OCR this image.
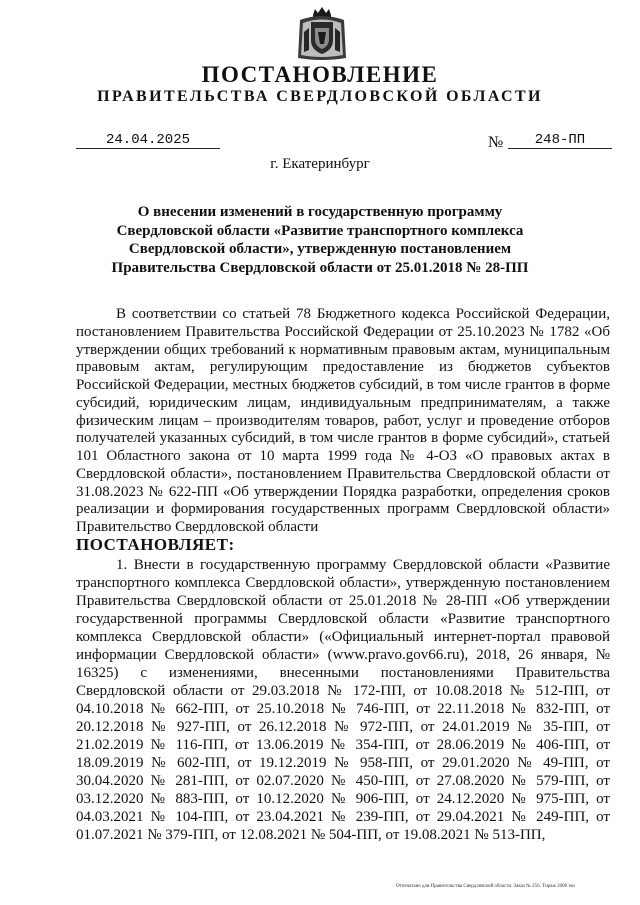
ПОСТАНОВЛЕНИЕ
ПРАВИТЕЛЬСТВА СВЕРДЛОВСКОЙ ОБЛАСТИ
24.04.2025	№	248-ПП
г. Екатеринбург
О внесении изменений в государственную программу Свердловской области «Развитие транспортного комплекса Свердловской области», утвержденную постановлением Правительства Свердловской области от 25.01.2018 № 28-ПП

В соответствии со статьей 78 Бюджетного кодекса Российской Федерации, постановлением Правительства Российской Федерации от 25.10.2023 № 1782 «Об утверждении общих требований к нормативным правовым актам, муниципальным правовым актам, регулирующим предоставление из бюджетов субъектов Российской Федерации, местных бюджетов субсидий, в том числе грантов в форме субсидий, юридическим лицам, индивидуальным предпринимателям, а также физическим лицам – производителям товаров, работ, услуг и проведение отборов получателей указанных субсидий, в том числе грантов в форме субсидий», статьей 101 Областного закона от 10 марта 1999 года № 4-ОЗ «О правовых актах в Свердловской области», постановлением Правительства Свердловской области от 31.08.2023 № 622-ПП «Об утверждении Порядка разработки, определения сроков реализации и формирования государственных программ Свердловской области» Правительство Свердловской области

ПОСТАНОВЛЯЕТ:

1. Внести в государственную программу Свердловской области «Развитие транспортного комплекса Свердловской области», утвержденную постановлением Правительства Свердловской области от 25.01.2018 № 28-ПП «Об утверждении государственной программы Свердловской области «Развитие транспортного комплекса Свердловской области» («Официальный интернет-портал правовой информации Свердловской области» (www.pravo.gov66.ru), 2018, 26 января, № 16325) с изменениями, внесенными постановлениями Правительства Свердловской области от 29.03.2018 № 172-ПП, от 10.08.2018 № 512-ПП, от 04.10.2018 № 662-ПП, от 25.10.2018 № 746-ПП, от 22.11.2018 № 832-ПП, от 20.12.2018 № 927-ПП, от 26.12.2018 № 972-ПП, от 24.01.2019 № 35-ПП, от 21.02.2019 № 116-ПП, от 13.06.2019 № 354-ПП, от 28.06.2019 № 406-ПП, от 18.09.2019 № 602-ПП, от 19.12.2019 № 958-ПП, от 29.01.2020 № 49-ПП, от 30.04.2020 № 281-ПП, от 02.07.2020 № 450-ПП, от 27.08.2020 № 579-ПП, от 03.12.2020 № 883-ПП, от 10.12.2020 № 906-ПП, от 24.12.2020 № 975-ПП, от 04.03.2021 № 104-ПП, от 23.04.2021 № 239-ПП, от 29.04.2021 № 249-ПП, от 01.07.2021 № 379-ПП, от 12.08.2021 № 504-ПП, от 19.08.2021 № 513-ПП,

Отпечатано для Правительства Свердловской области. Заказ № 256. Тираж 2000 экз
